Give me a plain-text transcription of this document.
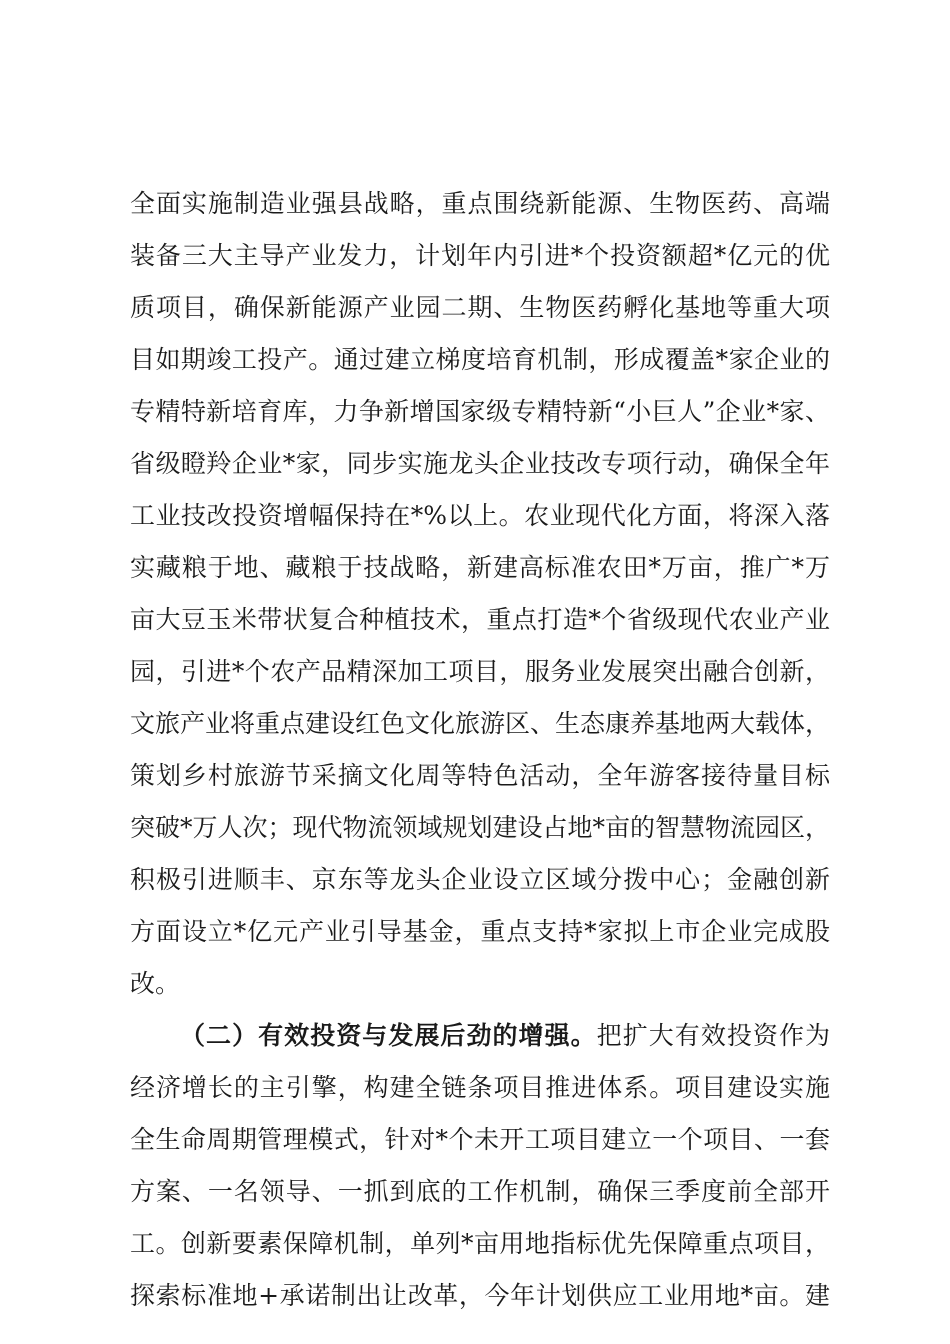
全面实施制造业强县战略，重点围绕新能源、生物医药、高端
装备三大主导产业发力，计划年内引进*个投资额超*亿元的优
质项目，确保新能源产业园二期、生物医药孵化基地等重大项
目如期竣工投产。通过建立梯度培育机制，形成覆盖*家企业的
专精特新培育库，力争新增国家级专精特新“小巨人”企业*家、
省级瞪羚企业*家，同步实施龙头企业技改专项行动，确保全年
工业技改投资增幅保持在*%以上。农业现代化方面，将深入落
实藏粮于地、藏粮于技战略，新建高标准农田*万亩，推广*万
亩大豆玉米带状复合种植技术，重点打造*个省级现代农业产业
园，引进*个农产品精深加工项目，服务业发展突出融合创新，
文旅产业将重点建设红色文化旅游区、生态康养基地两大载体，
策划乡村旅游节采摘文化周等特色活动，全年游客接待量目标
突破*万人次；现代物流领域规划建设占地*亩的智慧物流园区，
积极引进顺丰、京东等龙头企业设立区域分拨中心；金融创新
方面设立*亿元产业引导基金，重点支持*家拟上市企业完成股
改。
（二）有效投资与发展后劲的增强。把扩大有效投资作为
经济增长的主引擎，构建全链条项目推进体系。项目建设实施
全生命周期管理模式，针对*个未开工项目建立一个项目、一套
方案、一名领导、一抓到底的工作机制，确保三季度前全部开
工。创新要素保障机制，单列*亩用地指标优先保障重点项目，
探索标准地+承诺制出让改革，今年计划供应工业用地*亩。建
